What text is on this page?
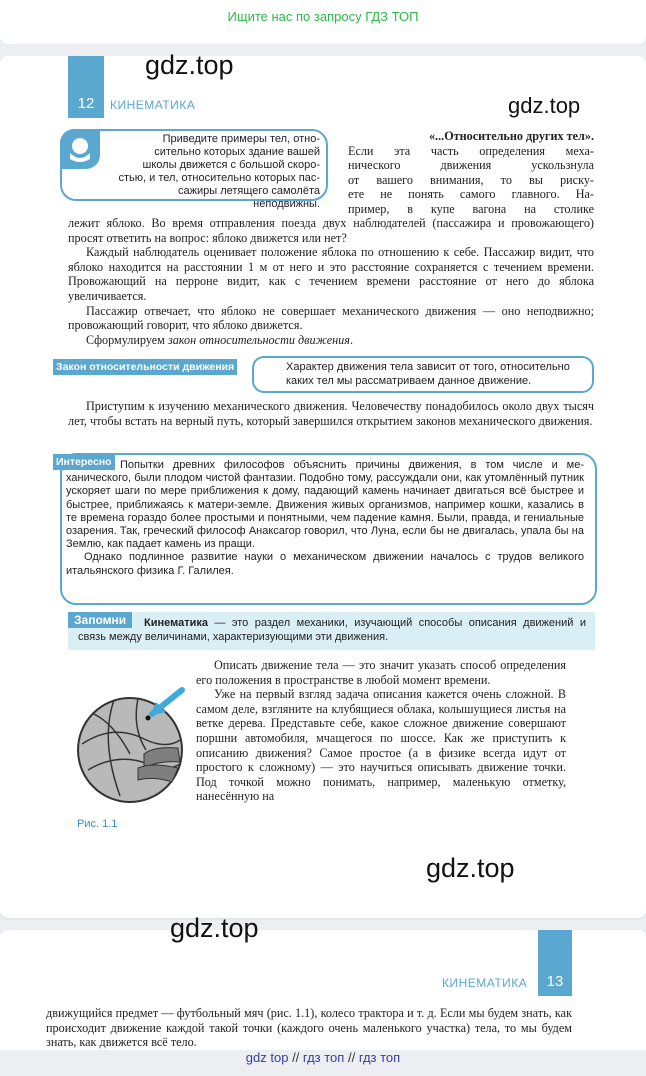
Ищите нас по запросу ГДЗ ТОП
12	КИНЕМАТИКА
gdz.top
gdz.top
Приведите примеры тел, отно-
сительно которых здание вашей
школы движется с большой скоро-
стью, и тел, относительно которых пас-
сажиры летящего самолёта неподвижны.
«...Относительно других тел».
Если эта часть определения меха-
нического движения ускользнула
от вашего внимания, то вы риску-
ете не понять самого главного. На-
пример, в купе вагона на столике

лежит яблоко. Во время отправления поезда двух наблюдателей (пассажира и провожающего) просят ответить на вопрос: яблоко движется или нет?

Каждый наблюдатель оценивает положение яблока по отношению к себе. Пассажир видит, что яблоко находится на расстоянии 1 м от него и это расстояние сохраняется с течением времени. Провожающий на перроне видит, как с течением времени расстояние от него до яблока увеличивается.

Пассажир отвечает, что яблоко не совершает механического движения — оно неподвижно; провожающий говорит, что яблоко движется.

Сформулируем закон относительности движения.

Закон относительности движения	Характер движения тела зависит от того, относительно каких тел мы рассматриваем данное движение.

Приступим к изучению механического движения. Человечеству понадобилось около двух тысяч лет, чтобы встать на верный путь, который завершился открытием законов механического движения.

Интересно Попытки древних философов объяснить причины движения, в том числе и механического, были плодом чистой фантазии. Подобно тому, рассуждали они, как утомлённый путник ускоряет шаги по мере приближения к дому, падающий камень начинает двигаться всё быстрее и быстрее, приближаясь к матери-земле. Движения живых организмов, например кошки, казались в те времена гораздо более простыми и понятными, чем падение камня. Были, правда, и гениальные озарения. Так, греческий философ Анаксагор говорил, что Луна, если бы не двигалась, упала бы на Землю, как падает камень из пращи.

Однако подлинное развитие науки о механическом движении началось с трудов великого итальянского физика Г. Галилея.

Запомни	Кинематика — это раздел механики, изучающий способы описания движений и связь между величинами, характеризующими эти движения.
Рис. 1.1

Описать движение тела — это значит указать способ определения его положения в пространстве в любой момент времени.

Уже на первый взгляд задача описания кажется очень сложной. В самом деле, взгляните на клубящиеся облака, колышущиеся листья на ветке дерева. Представьте себе, какое сложное движение совершают поршни автомобиля, мчащегося по шоссе. Как же приступить к описанию движения? Самое простое (а в физике всегда идут от простого к сложному) — это научиться описывать движение точки. Под точкой можно понимать, например, маленькую отметку, нанесённую на

gdz.top
13
КИНЕМАТИКА
движущийся предмет — футбольный мяч (рис. 1.1), колесо трактора и т. д. Если мы будем знать, как происходит движение каждой такой точки (каждого очень маленького участка) тела, то мы будем знать, как движется всё тело.
gdz.top
gdz top // гдз топ // гдз топ
